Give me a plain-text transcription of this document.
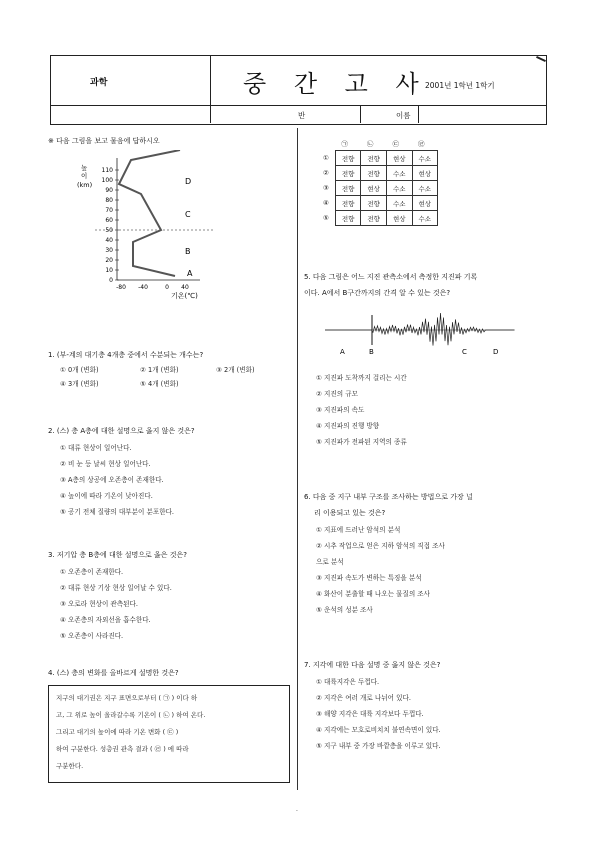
과학	중 간 고 사
2001년 1학년 1학기
반	이름
※ 다음 그림을 보고 물음에 답하시오
높
이
(km)
110
100
90
80
70
60
50
40
30
20
10
0
-80 -40	0 40
D
C
B
A
기온(℃)
1. (부-계의 대기층 4개층 중에서 수분되는 개수는?
① 0개 (변화)	② 1개 (변화)	③ 2개 (변화)
④ 3개 (변화)	⑤ 4개 (변화)
2. (스) 층 A층에 대한 설명으로 옳지 않은 것은?
① 대류 현상이 일어난다.
② 비 눈 등 날씨 현상 일어난다.
③ A층의 상공에 오존층이 존재한다.
④ 높이에 따라 기온이 낮아진다.
⑤ 공기 전체 질량의 대부분이 분포한다.
3. 저기압 층 B층에 대한 설명으로 옳은 것은?
① 오존층이 존재한다.
② 대류 현상 기상 현상 일어날 수 있다.
③ 오로라 현상이 관측된다.
④ 오존층의 자외선을 흡수한다.
⑤ 오존층이 사라진다.
4. (스) 층의 변화를 올바르게 설명한 것은?
지구의 대기권은 지구 표면으로부터 ( ㉠ ) 이다 하
고, 그 위로 높이 올라갈수록 기온이 ( ㉡ ) 하여 온다.
그리고 대기의 높이에 따라 기온 변화 ( ㉢ )
하여 구분한다. 성층권 관측 결과 ( ㉣ ) 에 따라
구분한다.
	㉠	㉡	㉢	㉣
①	전향	전향	현상	수소
②	전향	전향	수소	현상
③	전향	현상	수소	수소
④	전향	전향	수소	현상
⑤	전향	전향	현상	수소
5. 다음 그림은 어느 지진 관측소에서 측정한 지진파 기록
이다. A에서 B구간까지의 간격 알 수 있는 것은?
A	B	C	D
① 지진파 도착까지 걸리는 시간
② 지진의 규모
③ 지진파의 속도
④ 지진파의 진행 방향
⑤ 지진파가 전파된 지역의 종류
6. 다음 중 지구 내부 구조를 조사하는 방법으로 가장 널
리 이용되고 있는 것은?
① 지표에 드러난 암석의 분석
② 시추 작업으로 얻은 지하 암석의 직접 조사
으로 분석
③ 지진파 속도가 변하는 특징을 분석
④ 화산이 분출할 때 나오는 물질의 조사
⑤ 운석의 성분 조사
7. 지각에 대한 다음 설명 중 옳지 않은 것은?
① 대륙지각은 두껍다.
② 지각은 여러 개로 나뉘어 있다.
③ 해양 지각은 대륙 지각보다 두껍다.
④ 지각에는 모호로비치치 불연속면이 있다.
⑤ 지구 내부 중 가장 바깥층을 이루고 있다.
.
